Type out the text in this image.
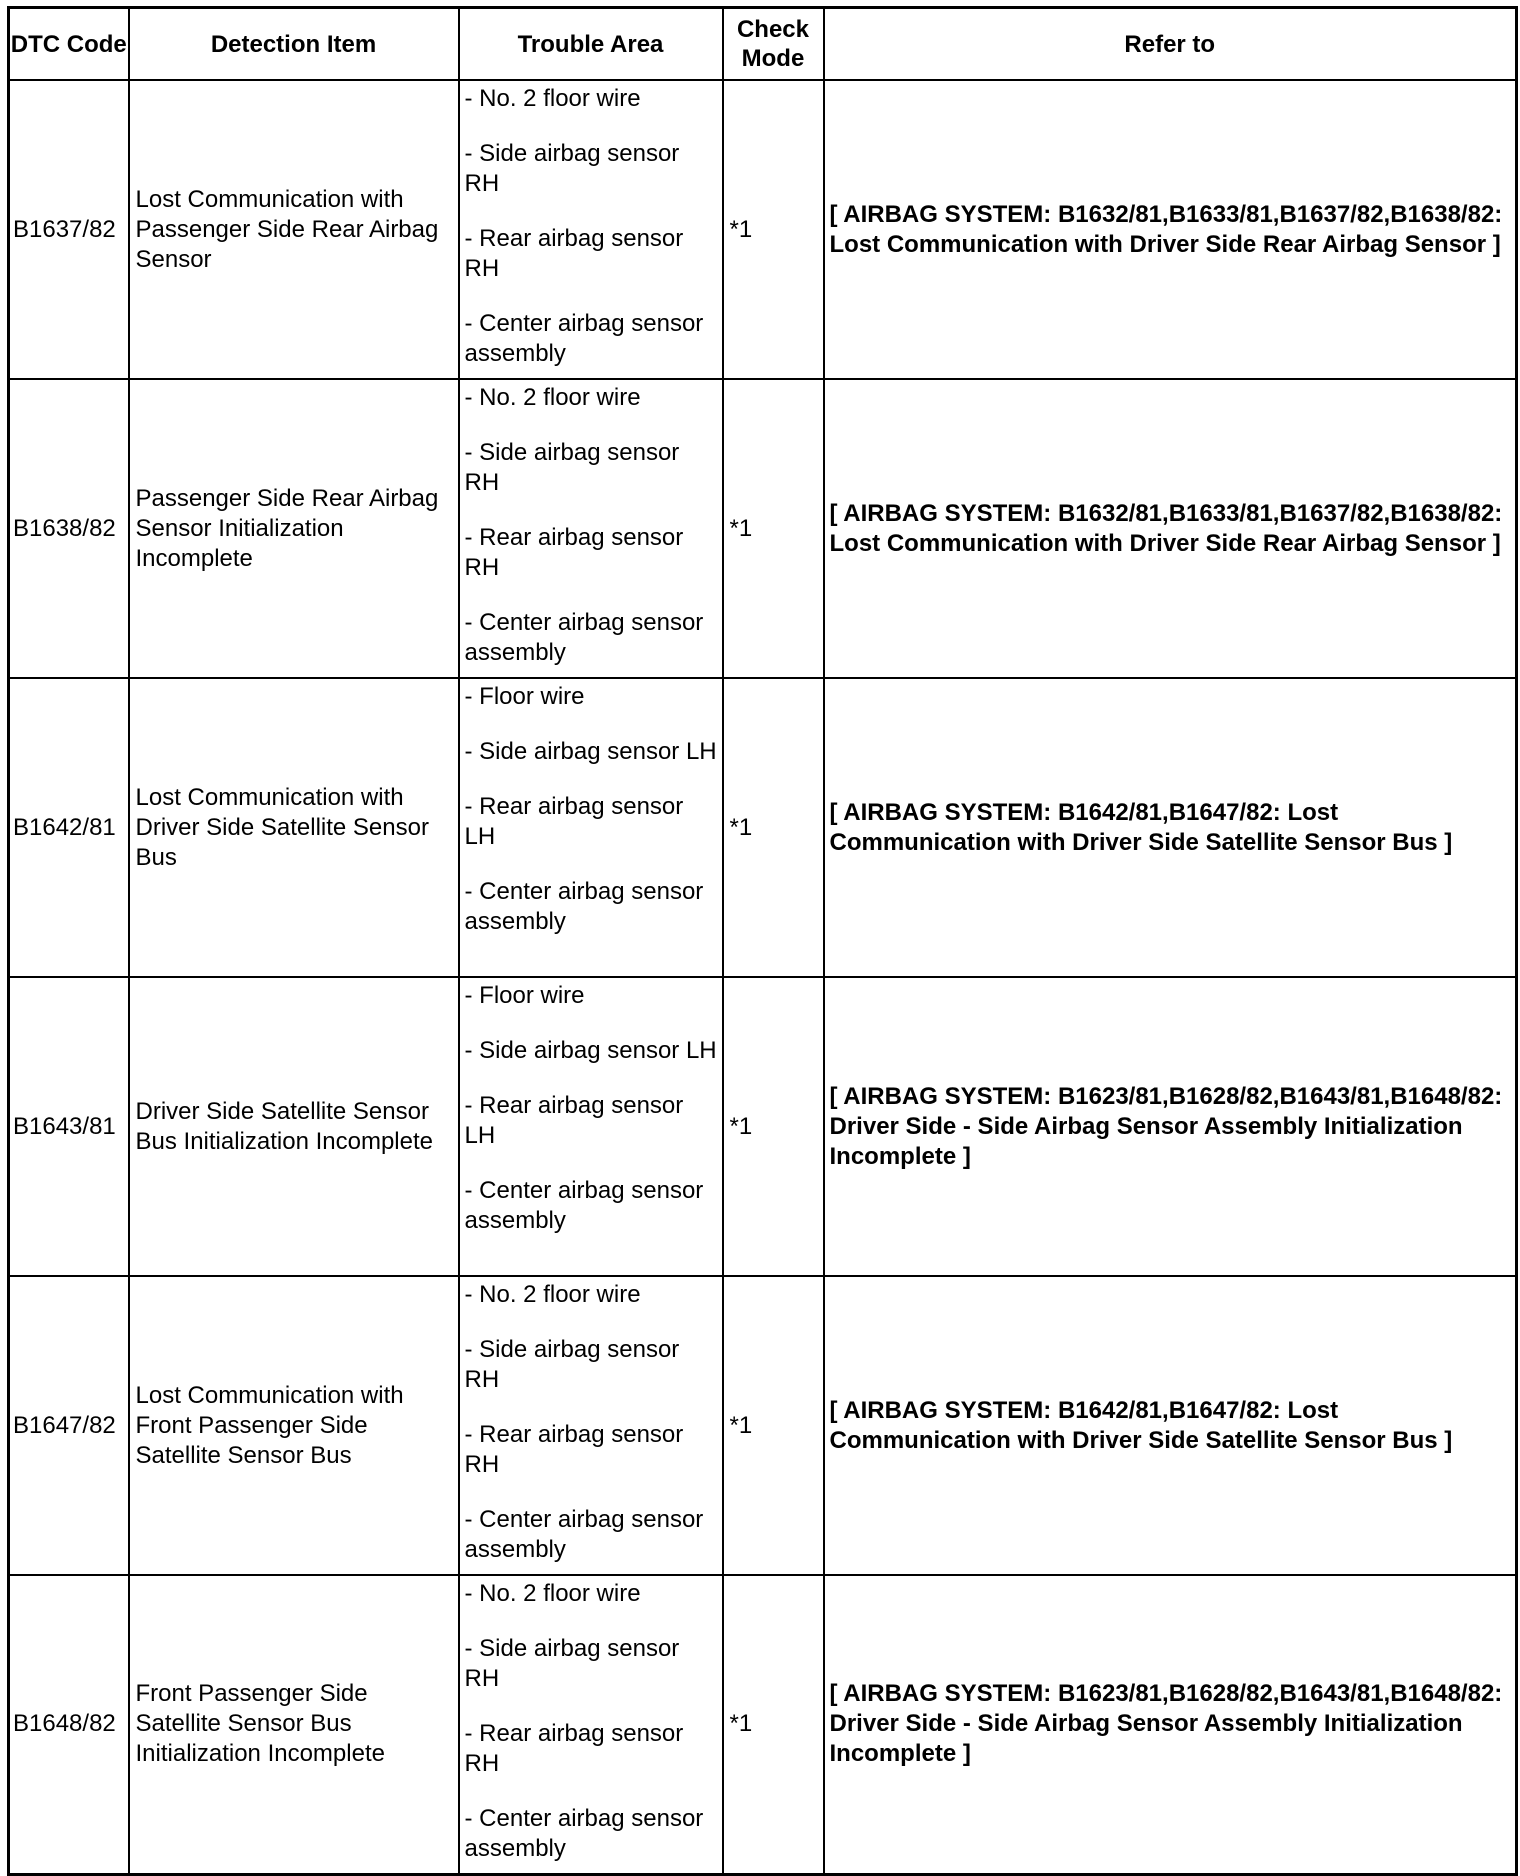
DTC Code	Detection Item	Trouble Area	Check Mode	Refer to
B1637/82	Lost Communication with Passenger Side Rear Airbag Sensor	- No. 2 floor wire
- Side airbag sensor RH
- Rear airbag sensor RH
- Center airbag sensor assembly	*1	[ AIRBAG SYSTEM: B1632/81,B1633/81,B1637/82,B1638/82: Lost Communication with Driver Side Rear Airbag Sensor ]
B1638/82	Passenger Side Rear Airbag Sensor Initialization Incomplete	- No. 2 floor wire
- Side airbag sensor RH
- Rear airbag sensor RH
- Center airbag sensor assembly	*1	[ AIRBAG SYSTEM: B1632/81,B1633/81,B1637/82,B1638/82: Lost Communication with Driver Side Rear Airbag Sensor ]
B1642/81	Lost Communication with Driver Side Satellite Sensor Bus	- Floor wire
- Side airbag sensor LH
- Rear airbag sensor LH
- Center airbag sensor assembly	*1	[ AIRBAG SYSTEM: B1642/81,B1647/82: Lost Communication with Driver Side Satellite Sensor Bus ]
B1643/81	Driver Side Satellite Sensor Bus Initialization Incomplete	- Floor wire
- Side airbag sensor LH
- Rear airbag sensor LH
- Center airbag sensor assembly	*1	[ AIRBAG SYSTEM: B1623/81,B1628/82,B1643/81,B1648/82: Driver Side - Side Airbag Sensor Assembly Initialization Incomplete ]
B1647/82	Lost Communication with Front Passenger Side Satellite Sensor Bus	- No. 2 floor wire
- Side airbag sensor RH
- Rear airbag sensor RH
- Center airbag sensor assembly	*1	[ AIRBAG SYSTEM: B1642/81,B1647/82: Lost Communication with Driver Side Satellite Sensor Bus ]
B1648/82	Front Passenger Side Satellite Sensor Bus Initialization Incomplete	- No. 2 floor wire
- Side airbag sensor RH
- Rear airbag sensor RH
- Center airbag sensor assembly	*1	[ AIRBAG SYSTEM: B1623/81,B1628/82,B1643/81,B1648/82: Driver Side - Side Airbag Sensor Assembly Initialization Incomplete ]
